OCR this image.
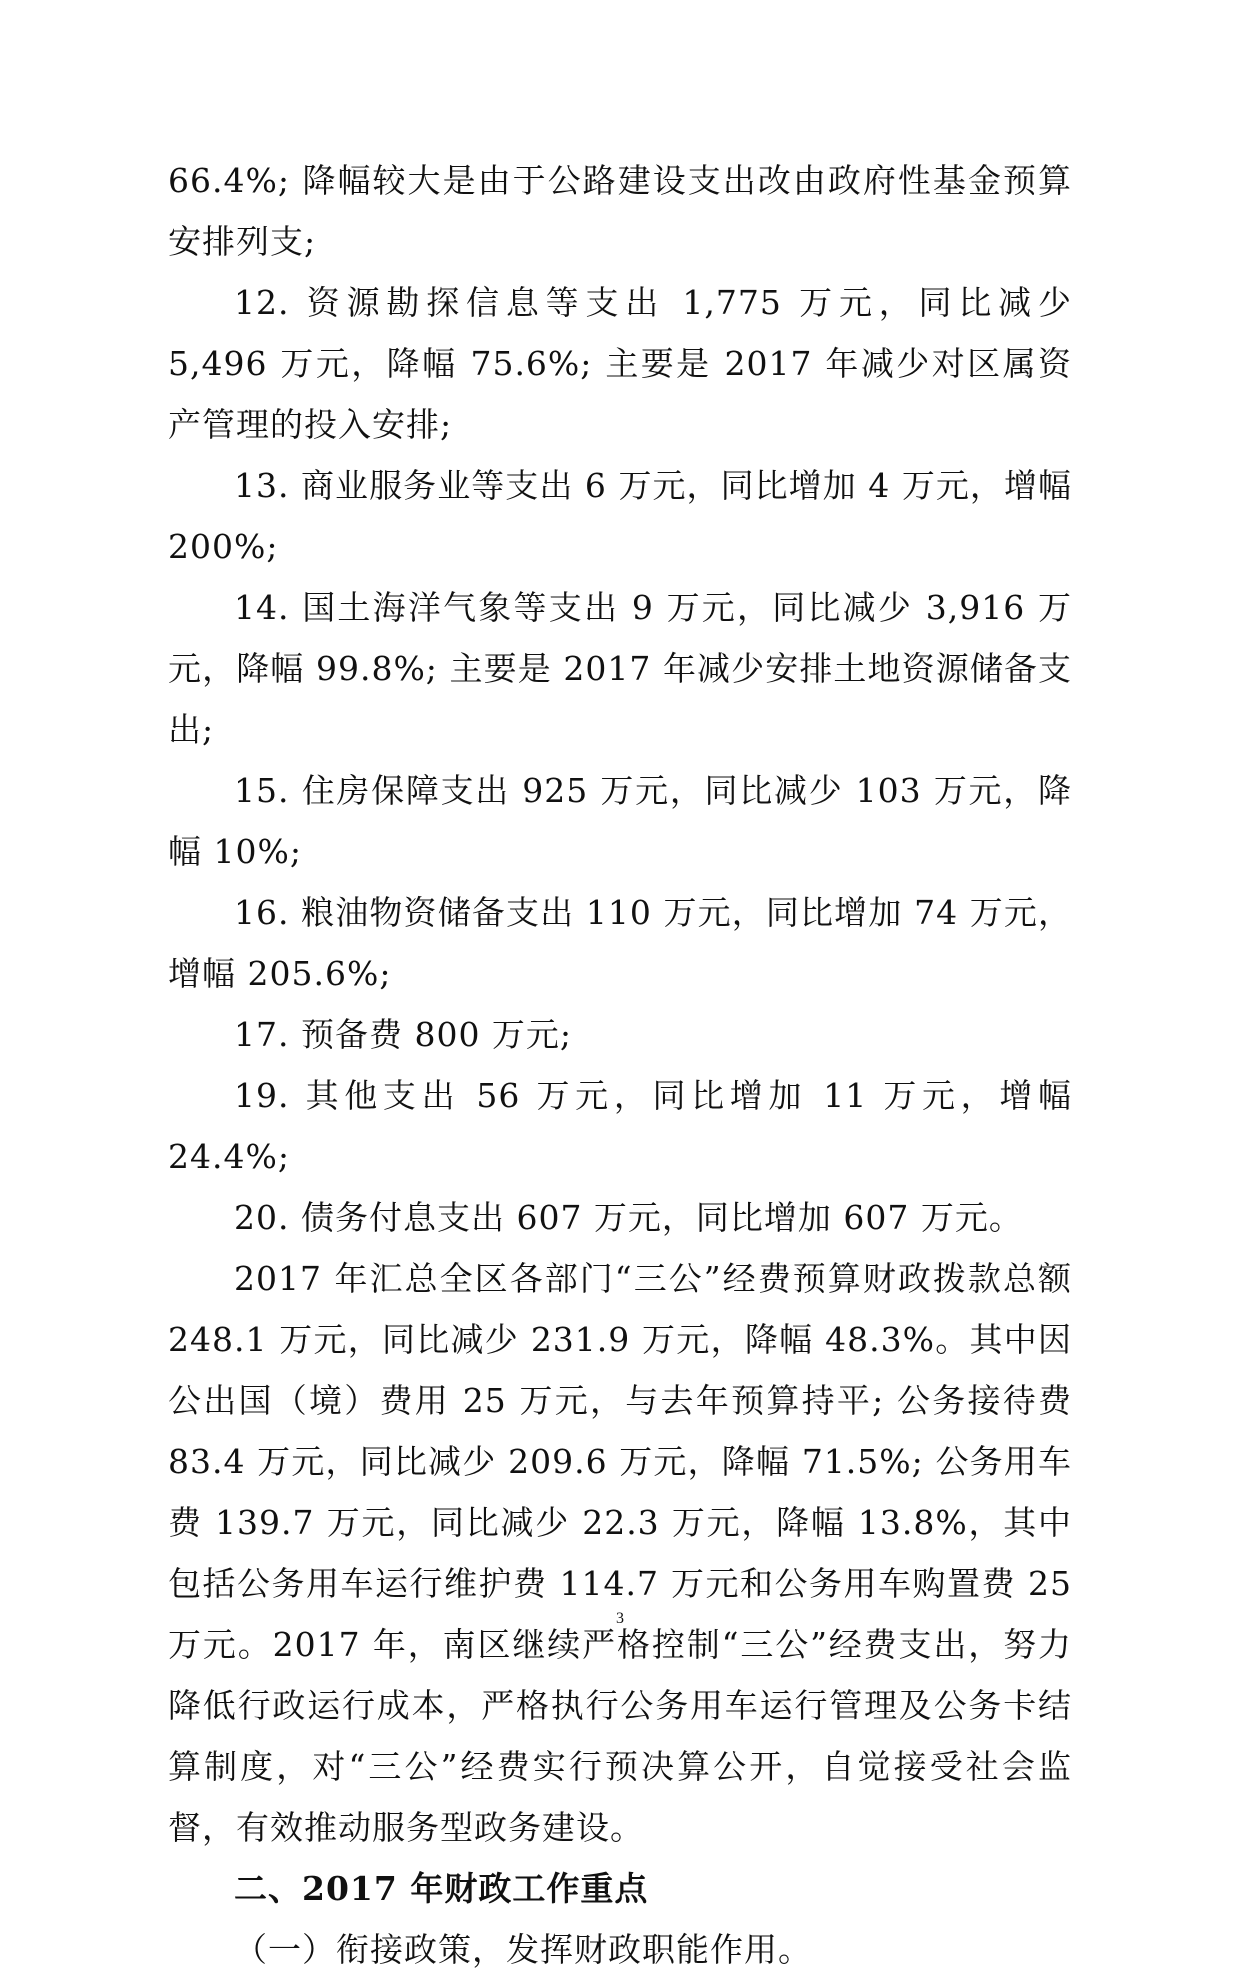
66.4%; 降幅较大是由于公路建设支出改由政府性基金预算安排列支;

12. 资源勘探信息等支出 1,775 万元，同比减少 5,496 万元，降幅 75.6%; 主要是 2017 年减少对区属资产管理的投入安排;

13. 商业服务业等支出 6 万元，同比增加 4 万元，增幅 200%;

14. 国土海洋气象等支出 9 万元，同比减少 3,916 万元，降幅 99.8%; 主要是 2017 年减少安排土地资源储备支出;

15. 住房保障支出 925 万元，同比减少 103 万元，降幅 10%;

16. 粮油物资储备支出 110 万元，同比增加 74 万元，增幅 205.6%;

17. 预备费 800 万元;

19. 其他支出 56 万元，同比增加 11 万元，增幅 24.4%;

20. 债务付息支出 607 万元，同比增加 607 万元。

2017 年汇总全区各部门“三公”经费预算财政拨款总额 248.1 万元，同比减少 231.9 万元，降幅 48.3%。其中因公出国（境）费用 25 万元，与去年预算持平; 公务接待费 83.4 万元，同比减少 209.6 万元，降幅 71.5%; 公务用车费 139.7 万元，同比减少 22.3 万元，降幅 13.8%，其中包括公务用车运行维护费 114.7 万元和公务用车购置费 25 万元。2017 年，南区继续严格控制“三公”经费支出，努力降低行政运行成本，严格执行公务用车运行管理及公务卡结算制度，对“三公”经费实行预决算公开，自觉接受社会监督，有效推动服务型政务建设。

二、2017 年财政工作重点

（一）衔接政策，发挥财政职能作用。

3
